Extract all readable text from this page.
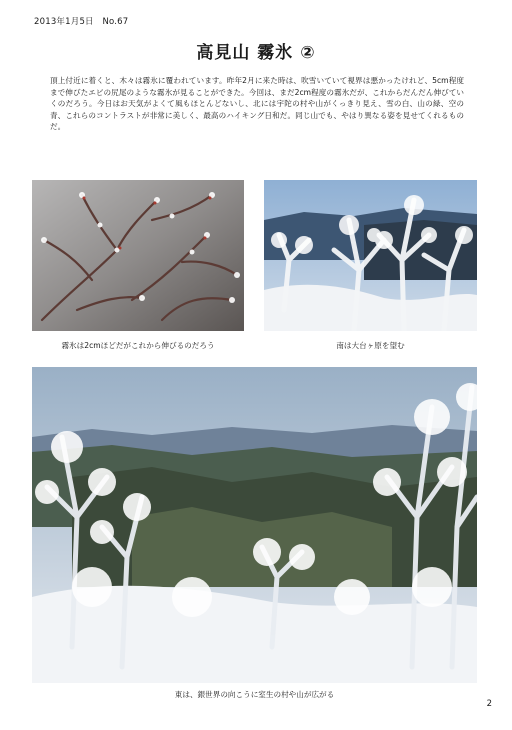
2013年1月5日　No.67
高見山 霧氷 ②
頂上付近に着くと、木々は霧氷に覆われています。昨年2月に来た時は、吹雪いていて視界は悪かったけれど、5cm程度まで伸びたエビの尻尾のような霧氷が見ることができた。今回は、まだ2cm程度の霧氷だが、これからだんだん伸びていくのだろう。今日はお天気がよくて風もほとんどないし、北には宇陀の村や山がくっきり見え、雪の白、山の緑、空の青、これらのコントラストが非常に美しく、最高のハイキング日和だ。同じ山でも、やはり異なる姿を見せてくれるものだ。
霧氷は2cmほどだがこれから伸びるのだろう	南は大台ヶ原を望む
東は、銀世界の向こうに室生の村や山が広がる
2
